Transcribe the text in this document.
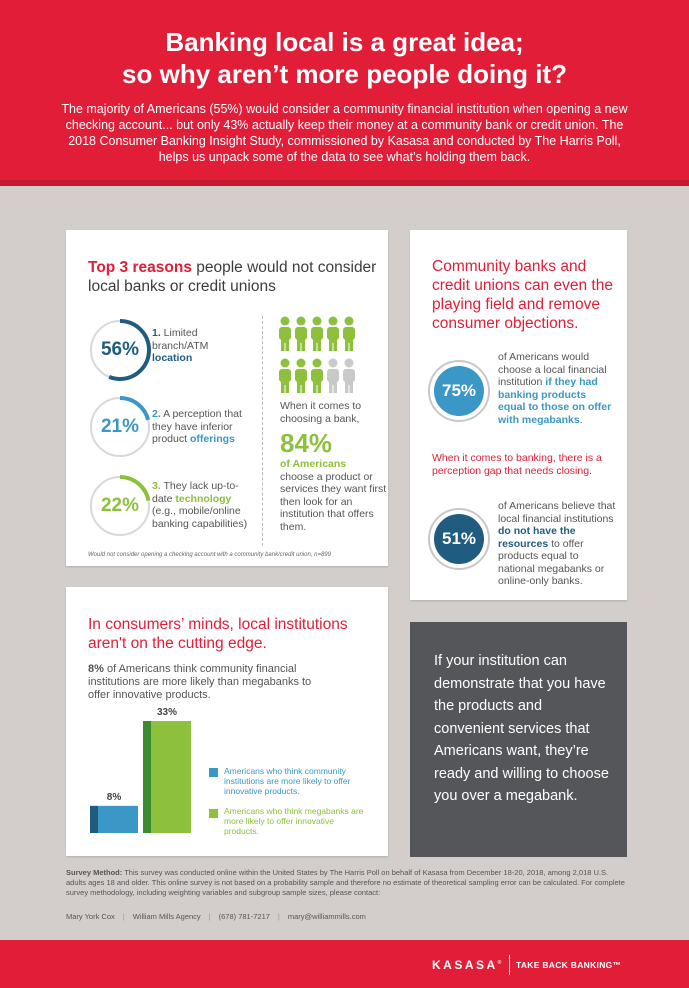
Banking local is a great idea;
so why aren’t more people doing it?
The majority of Americans (55%) would consider a community financial institution when opening a new checking account... but only 43% actually keep their money at a community bank or credit union. The 2018 Consumer Banking Insight Study, commissioned by Kasasa and conducted by The Harris Poll, helps us unpack some of the data to see what’s holding them back.
Top 3 reasons people would not consider local banks or credit unions
56%
1. Limited branch/ATM location
21%
2. A perception that they have inferior product offerings
22%
3. They lack up-to-date technology (e.g., mobile/online banking capabilities)
When it comes to choosing a bank,
84%
of Americans
choose a product or services they want first then look for an institution that offers them.
Would not consider opening a checking account with a community bank/credit union, n=899
Community banks and credit unions can even the playing field and remove consumer objections.
75%
of Americans would choose a local financial institution if they had banking products equal to those on offer with megabanks.
When it comes to banking, there is a perception gap that needs closing.
51%
of Americans believe that local financial institutions do not have the resources to offer products equal to national megabanks or online-only banks.
In consumers’ minds, local institutions aren't on the cutting edge.
8% of Americans think community financial institutions are more likely than megabanks to offer innovative products.
8%
33%
Americans who think community institutions are more likely to offer innovative products.
Americans who think megabanks are more likely to offer innovative products.
If your institution can demonstrate that you have the products and convenient services that Americans want, they’re ready and willing to choose you over a megabank.
Survey Method: This survey was conducted online within the United States by The Harris Poll on behalf of Kasasa from December 18-20, 2018, among 2,018 U.S. adults ages 18 and older. This online survey is not based on a probability sample and therefore no estimate of theoretical sampling error can be calculated. For complete survey methodology, including weighting variables and subgroup sample sizes, please contact:
Mary York Cox | William Mills Agency | (678) 781-7217 | mary@williammills.com
KASASA® TAKE BACK BANKING™
